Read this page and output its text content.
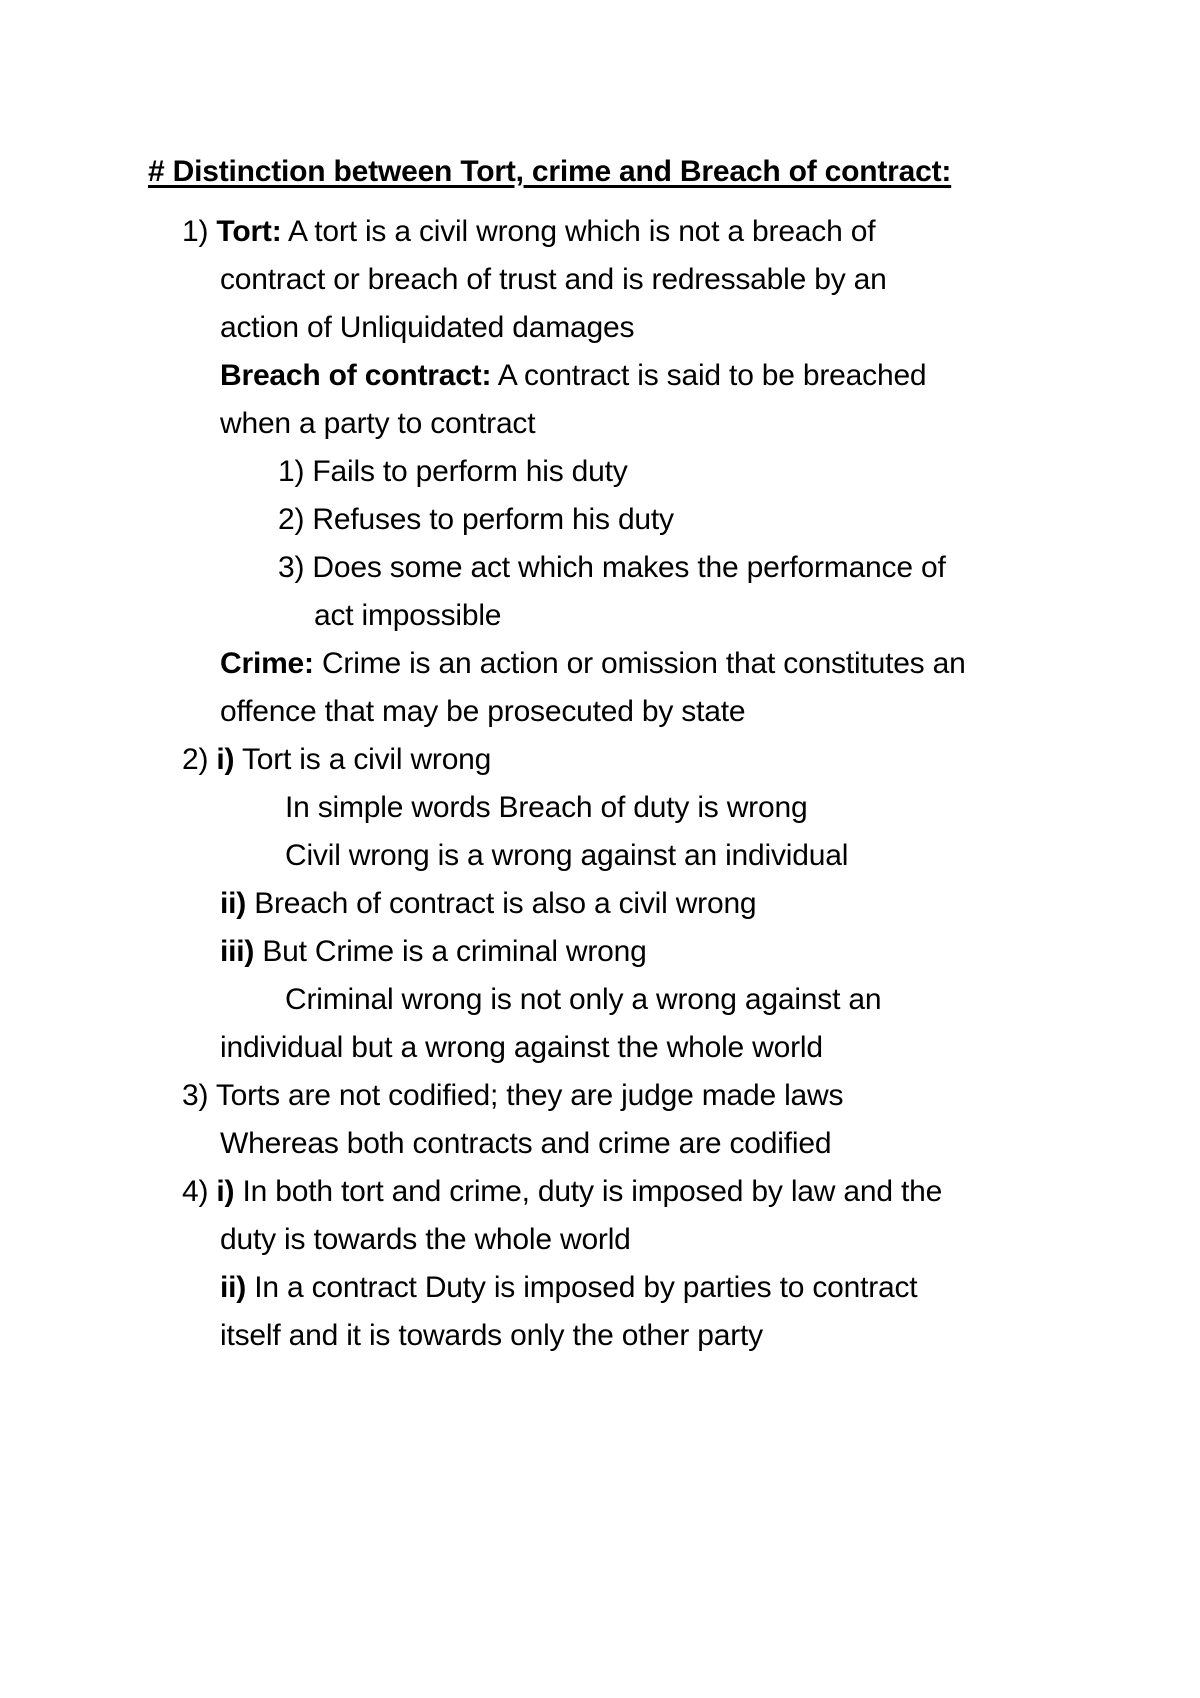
# Distinction between Tort, crime and Breach of contract:
1) Tort: A tort is a civil wrong which is not a breach of
contract or breach of trust and is redressable by an
action of Unliquidated damages
Breach of contract: A contract is said to be breached
when a party to contract
1) Fails to perform his duty
2) Refuses to perform his duty
3) Does some act which makes the performance of
act impossible
Crime: Crime is an action or omission that constitutes an
offence that may be prosecuted by state
2) i) Tort is a civil wrong
In simple words Breach of duty is wrong
Civil wrong is a wrong against an individual
ii) Breach of contract is also a civil wrong
iii) But Crime is a criminal wrong
Criminal wrong is not only a wrong against an
individual but a wrong against the whole world
3) Torts are not codified; they are judge made laws
Whereas both contracts and crime are codified
4) i) In both tort and crime, duty is imposed by law and the
duty is towards the whole world
ii) In a contract Duty is imposed by parties to contract
itself and it is towards only the other party
